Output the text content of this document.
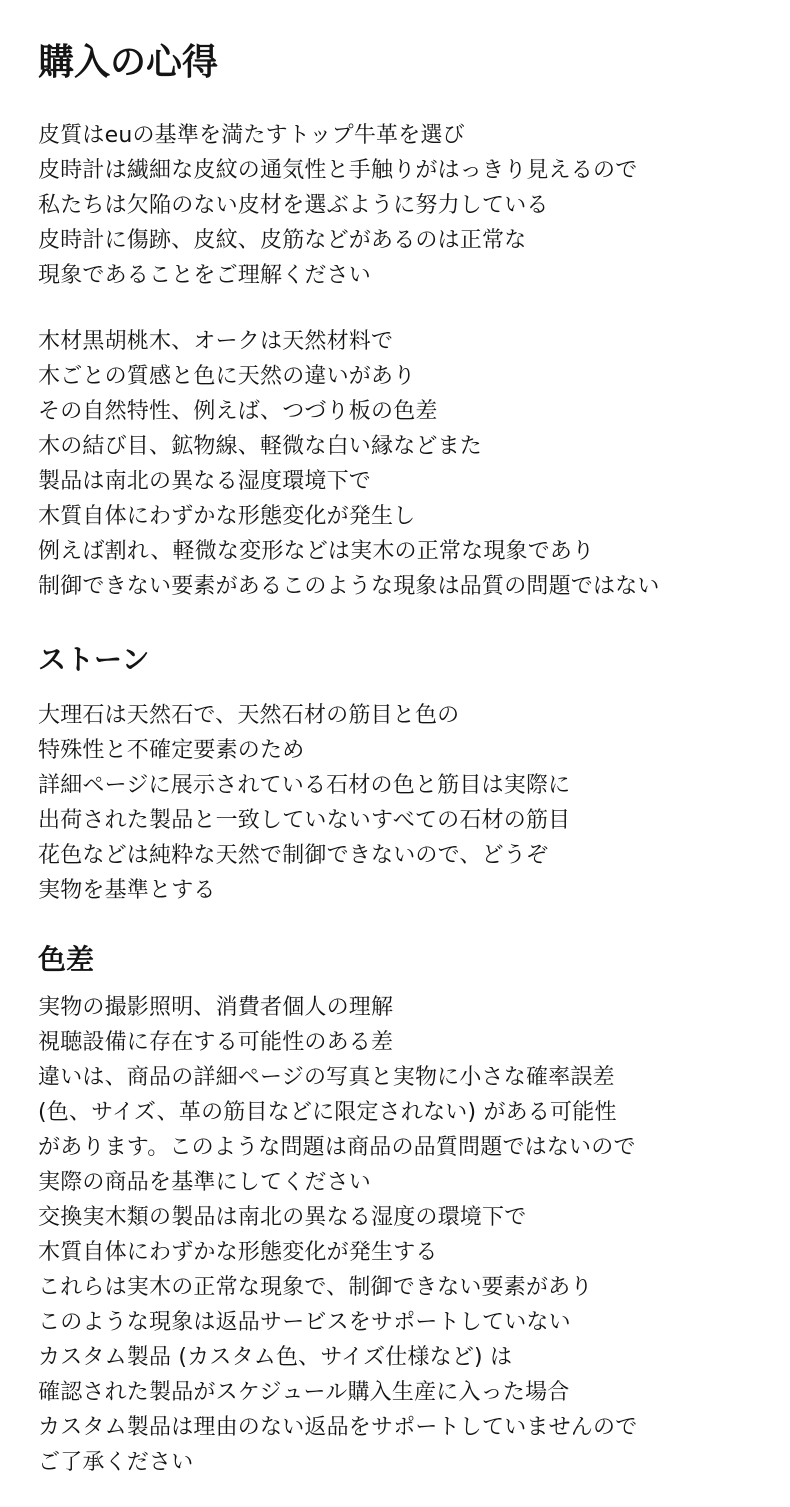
購入の心得
皮質はeuの基準を満たすトップ牛革を選び
皮時計は繊細な皮紋の通気性と手触りがはっきり見えるので
私たちは欠陥のない皮材を選ぶように努力している
皮時計に傷跡、皮紋、皮筋などがあるのは正常な
現象であることをご理解ください
木材黒胡桃木、オークは天然材料で
木ごとの質感と色に天然の違いがあり
その自然特性、例えば、つづり板の色差
木の結び目、鉱物線、軽微な白い縁などまた
製品は南北の異なる湿度環境下で
木質自体にわずかな形態変化が発生し
例えば割れ、軽微な変形などは実木の正常な現象であり
制御できない要素があるこのような現象は品質の問題ではない
ストーン
大理石は天然石で、天然石材の筋目と色の
特殊性と不確定要素のため
詳細ページに展示されている石材の色と筋目は実際に
出荷された製品と一致していないすべての石材の筋目
花色などは純粋な天然で制御できないので、どうぞ
実物を基準とする
色差
実物の撮影照明、消費者個人の理解
視聴設備に存在する可能性のある差
違いは、商品の詳細ページの写真と実物に小さな確率誤差
(色、サイズ、革の筋目などに限定されない) がある可能性
があります。このような問題は商品の品質問題ではないので
実際の商品を基準にしてください
交換実木類の製品は南北の異なる湿度の環境下で
木質自体にわずかな形態変化が発生する
これらは実木の正常な現象で、制御できない要素があり
このような現象は返品サービスをサポートしていない
カスタム製品 (カスタム色、サイズ仕様など) は
確認された製品がスケジュール購入生産に入った場合
カスタム製品は理由のない返品をサポートしていませんので
ご了承ください
